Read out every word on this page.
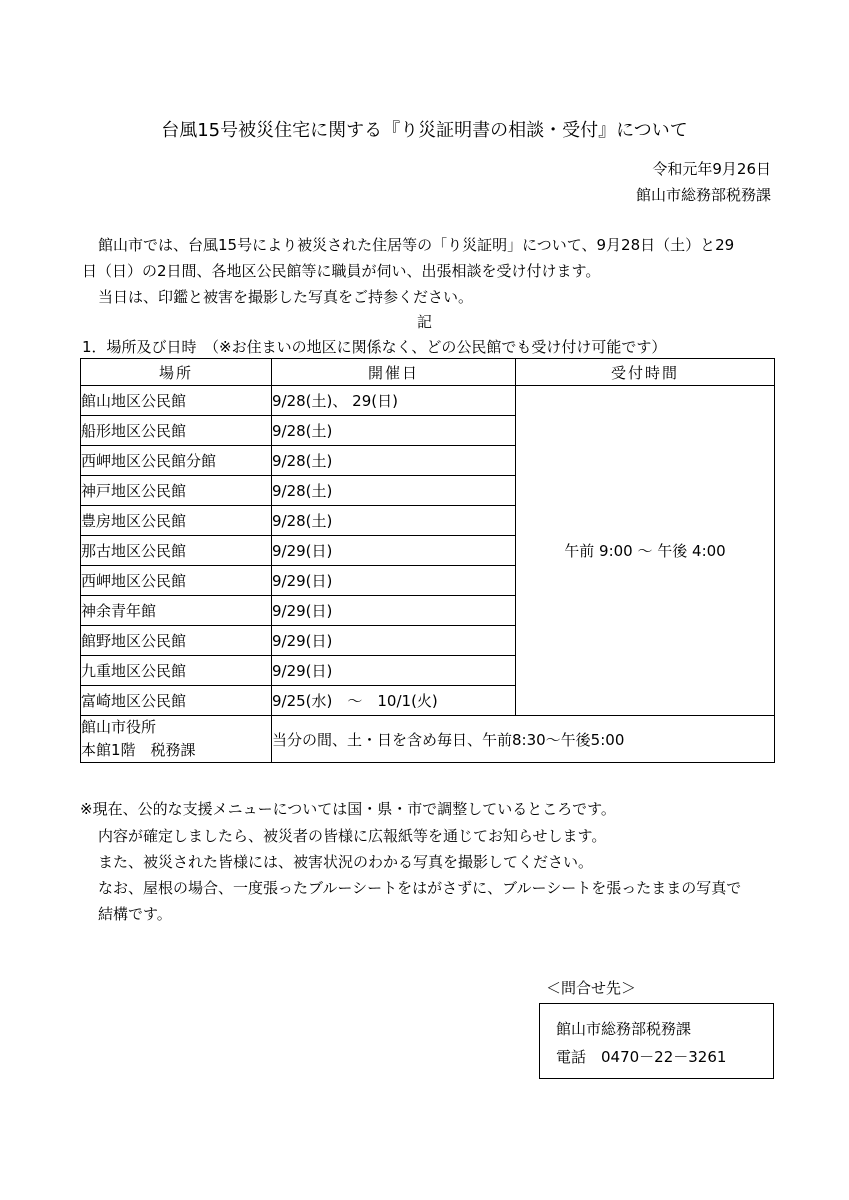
台風15号被災住宅に関する『り災証明書の相談・受付』について
令和元年9月26日
館山市総務部税務課
館山市では、台風15号により被災された住居等の「り災証明」について、9月28日（土）と29
日（日）の2日間、各地区公民館等に職員が伺い、出張相談を受け付けます。
当日は、印鑑と被害を撮影した写真をご持参ください。
記
1．場所及び日時　（※お住まいの地区に関係なく、どの公民館でも受け付け可能です）
場所	開催日	受付時間
館山地区公民館	9/28(土)、 29(日)	午前 9:00 ～ 午後 4:00
船形地区公民館	9/28(土)	
西岬地区公民館分館	9/28(土)	
神戸地区公民館	9/28(土)	
豊房地区公民館	9/28(土)	
那古地区公民館	9/29(日)	
西岬地区公民館	9/29(日)	
神余青年館	9/29(日)	
館野地区公民館	9/29(日)	
九重地区公民館	9/29(日)	
富崎地区公民館	9/25(水)　～　10/1(火)	

館山市役所
本館1階　税務課	当分の間、土・日を含め毎日、午前8:30～午後5:00	
※現在、公的な支援メニューについては国・県・市で調整しているところです。
内容が確定しましたら、被災者の皆様に広報紙等を通じてお知らせします。
また、被災された皆様には、被害状況のわかる写真を撮影してください。
なお、屋根の場合、一度張ったブルーシートをはがさずに、ブルーシートを張ったままの写真で
結構です。
＜問合せ先＞
館山市総務部税務課
電話　0470－22－3261
